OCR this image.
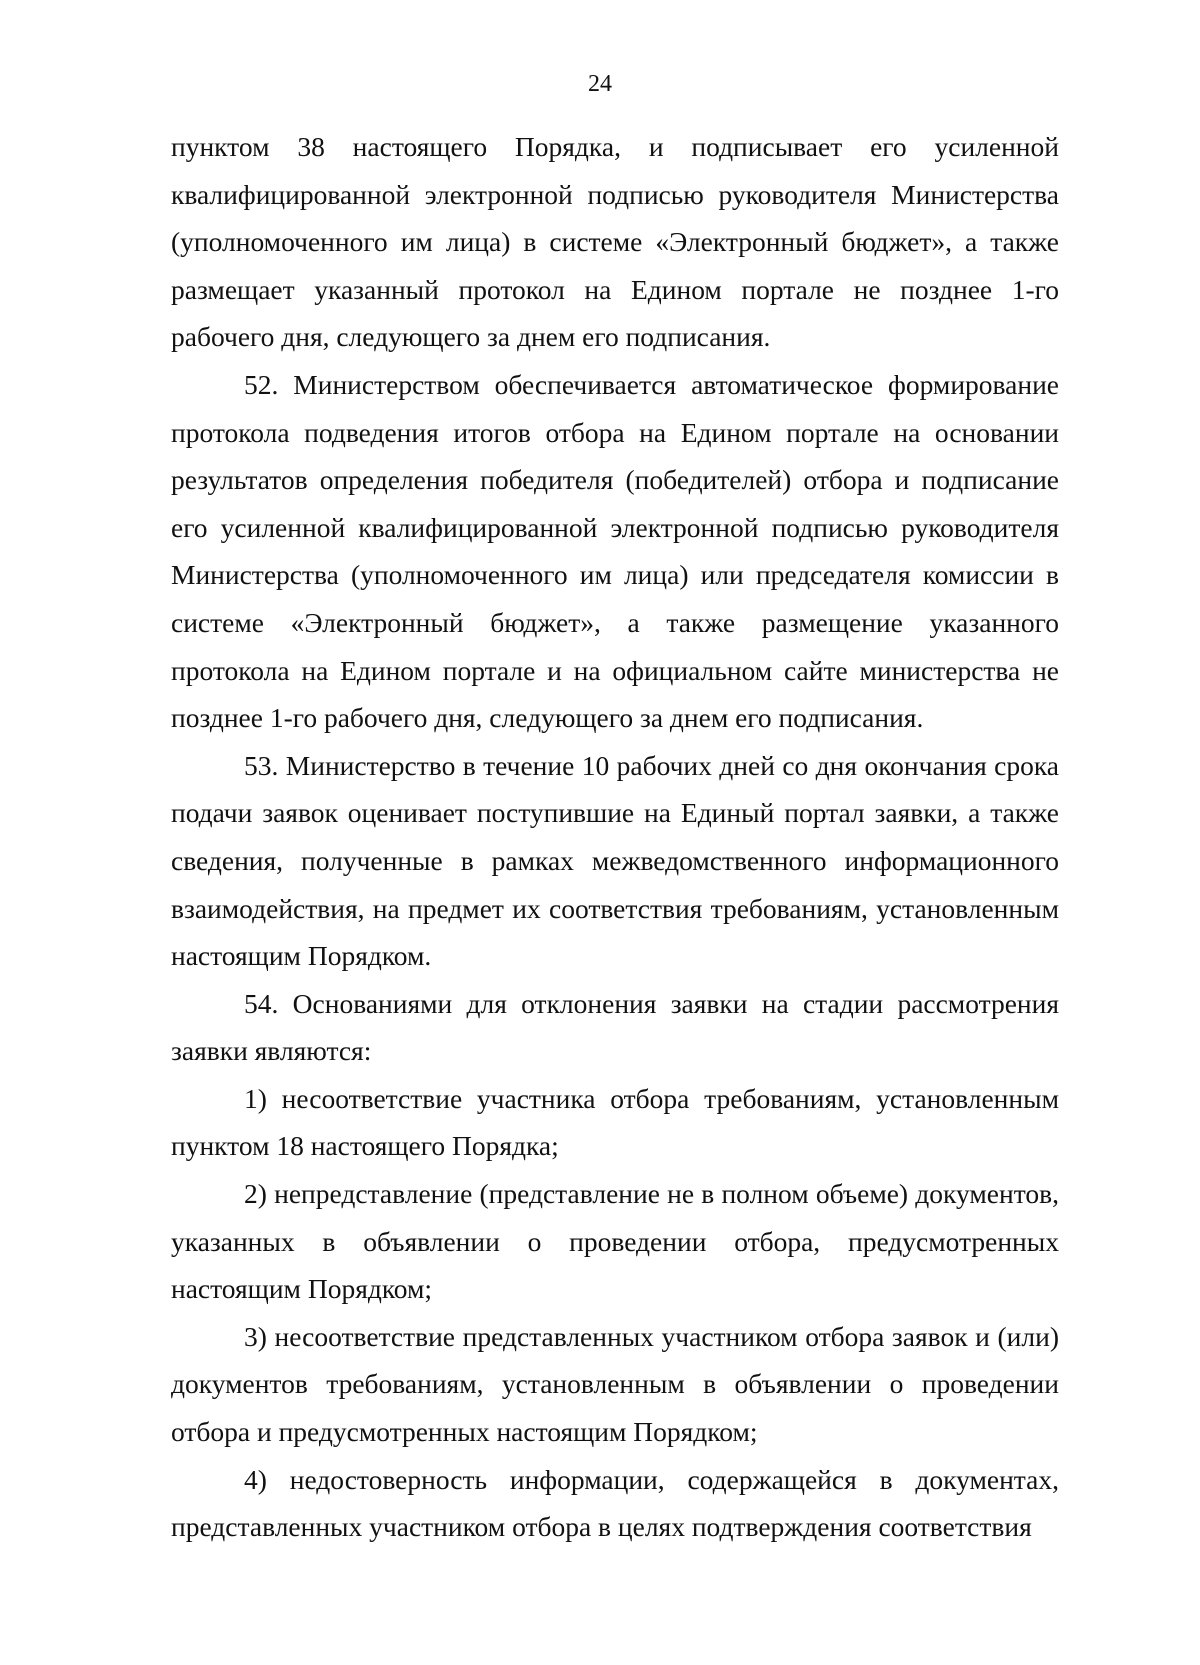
24

пунктом 38 настоящего Порядка, и подписывает его усиленной квалифицированной электронной подписью руководителя Министерства (уполномоченного им лица) в системе «Электронный бюджет», а также размещает указанный протокол на Едином портале не позднее 1-го рабочего дня, следующего за днем его подписания.

52. Министерством обеспечивается автоматическое формирование протокола подведения итогов отбора на Едином портале на основании результатов определения победителя (победителей) отбора и подписание его усиленной квалифицированной электронной подписью руководителя Министерства (уполномоченного им лица) или председателя комиссии в системе «Электронный бюджет», а также размещение указанного протокола на Едином портале и на официальном сайте министерства не позднее 1-го рабочего дня, следующего за днем его подписания.

53. Министерство в течение 10 рабочих дней со дня окончания срока подачи заявок оценивает поступившие на Единый портал заявки, а также сведения, полученные в рамках межведомственного информационного взаимодействия, на предмет их соответствия требованиям, установленным настоящим Порядком.

54. Основаниями для отклонения заявки на стадии рассмотрения заявки являются:

1) несоответствие участника отбора требованиям, установленным пунктом 18 настоящего Порядка;

2) непредставление (представление не в полном объеме) документов, указанных в объявлении о проведении отбора, предусмотренных настоящим Порядком;

3) несоответствие представленных участником отбора заявок и (или) документов требованиям, установленным в объявлении о проведении отбора и предусмотренных настоящим Порядком;

4) недостоверность информации, содержащейся в документах, представленных участником отбора в целях подтверждения соответствия
